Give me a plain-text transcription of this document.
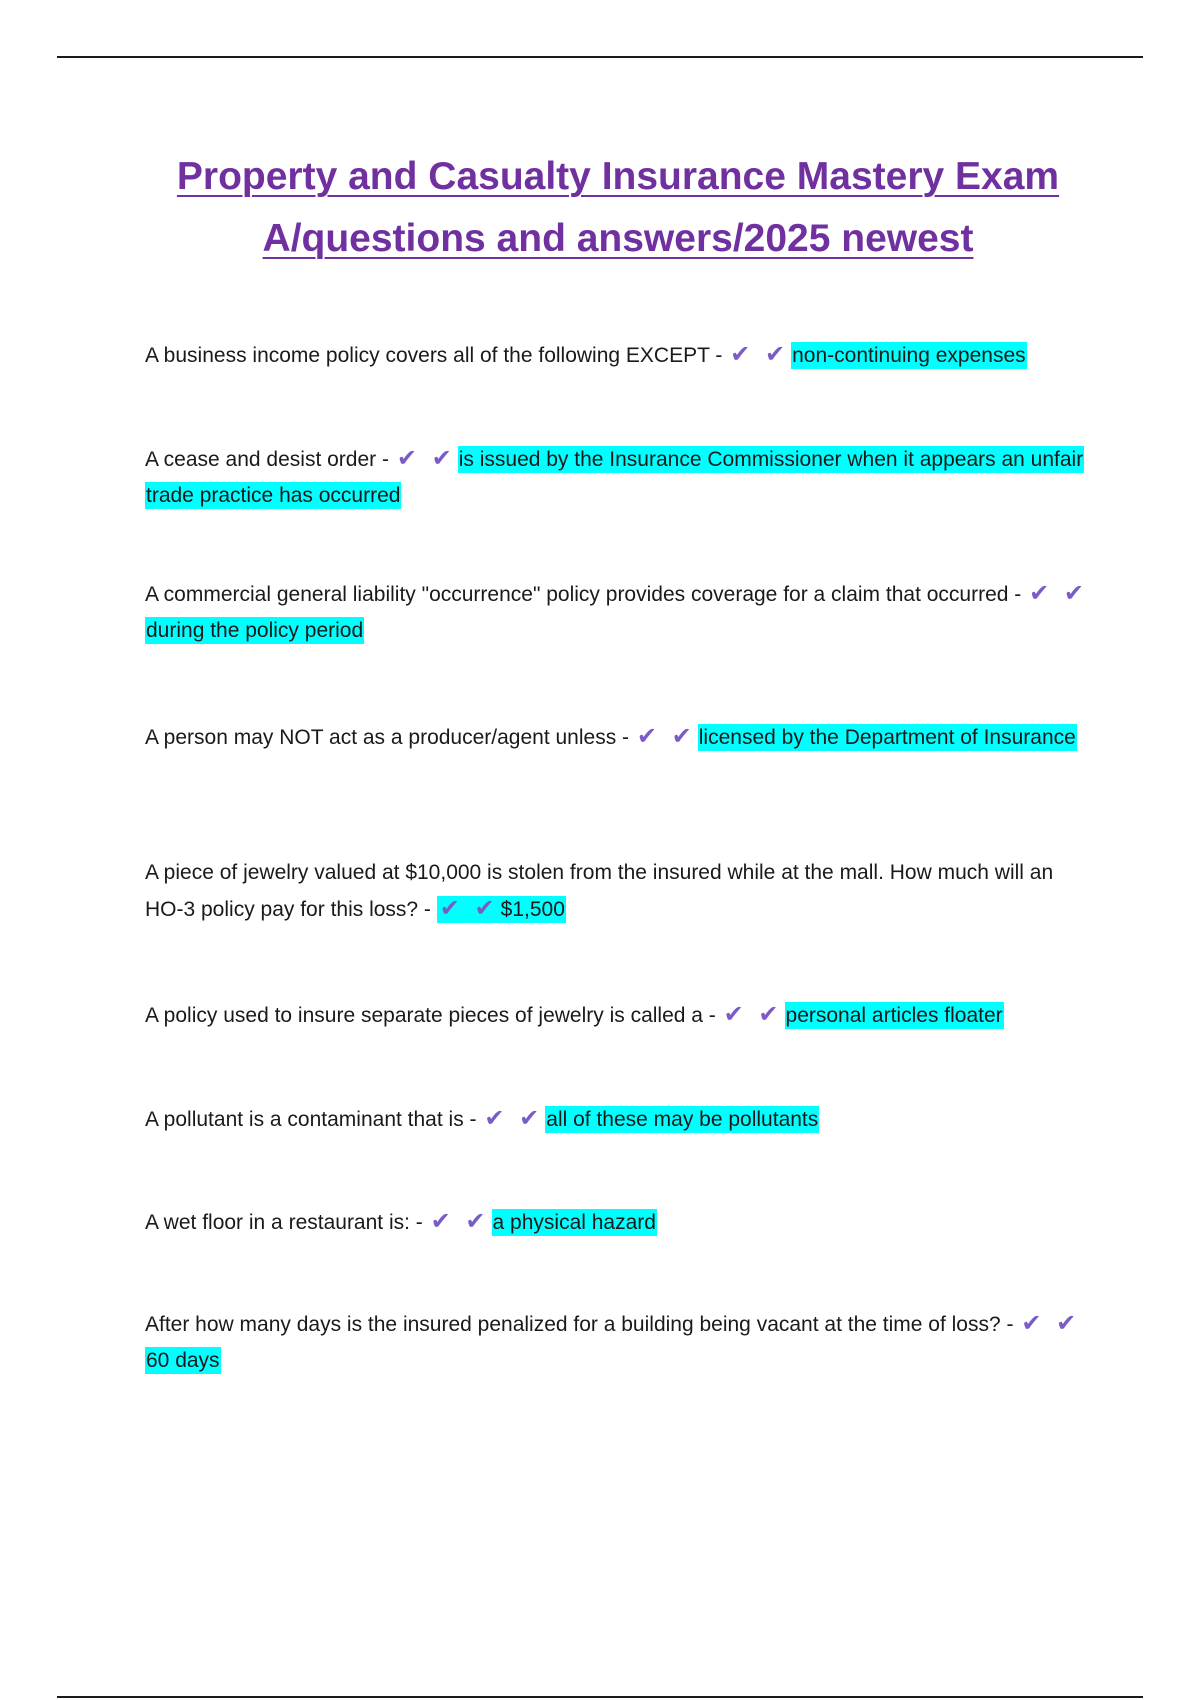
Property and Casualty Insurance Mastery Exam
A/questions and answers/2025 newest
A business income policy covers all of the following EXCEPT - ✔ ✔ non-continuing expenses
A cease and desist order - ✔ ✔ is issued by the Insurance Commissioner when it appears an unfair trade practice has occurred
A commercial general liability "occurrence" policy provides coverage for a claim that occurred - ✔ ✔during the policy period
A person may NOT act as a producer/agent unless - ✔ ✔ licensed by the Department of Insurance
A piece of jewelry valued at $10,000 is stolen from the insured while at the mall. How much will an HO-3 policy pay for this loss? - ✔ ✔$1,500
A policy used to insure separate pieces of jewelry is called a - ✔ ✔ personal articles floater
A pollutant is a contaminant that is - ✔ ✔ all of these may be pollutants
A wet floor in a restaurant is: - ✔ ✔ a physical hazard
After how many days is the insured penalized for a building being vacant at the time of loss? - ✔ ✔60 days
